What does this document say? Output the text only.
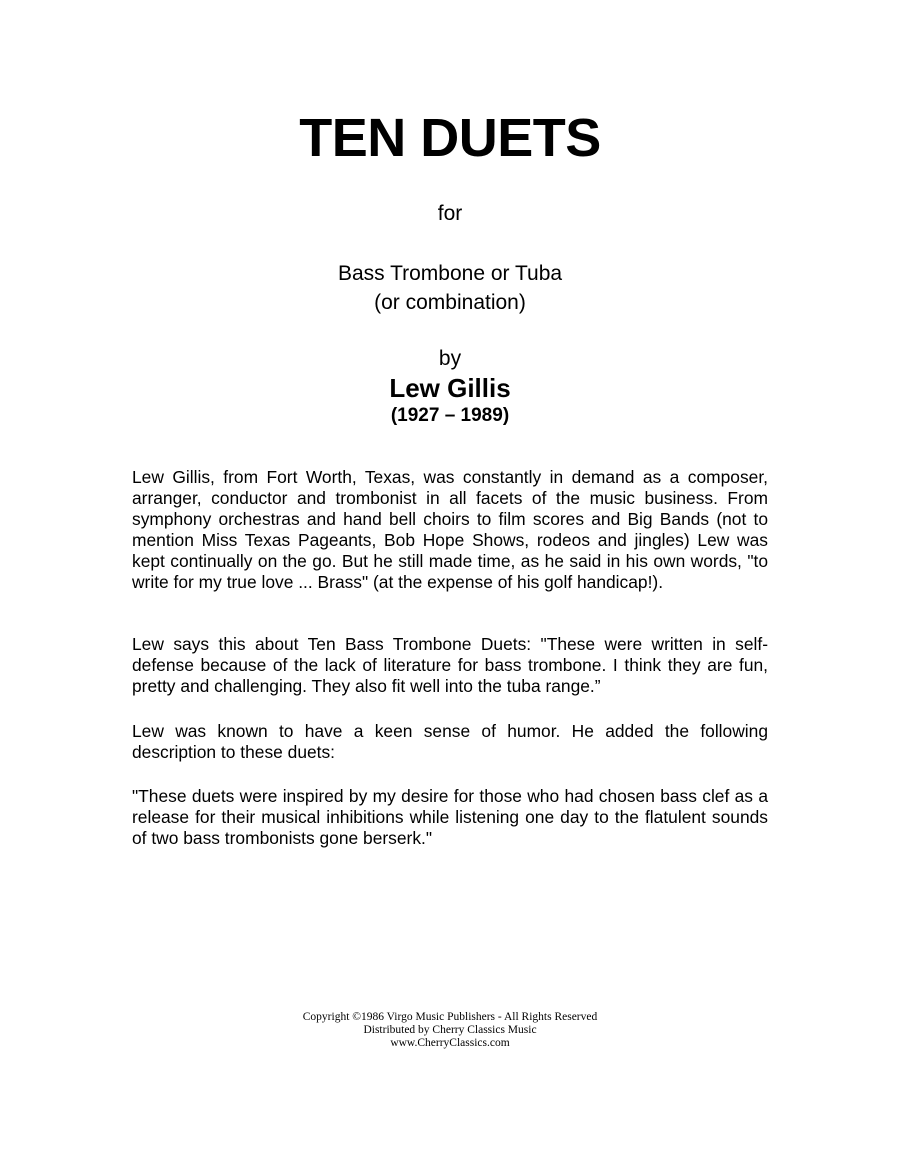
TEN DUETS
for
Bass Trombone or Tuba
(or combination)
by
Lew Gillis
(1927 – 1989)

Lew Gillis, from Fort Worth, Texas, was constantly in demand as a composer, arranger, conductor and trombonist in all facets of the music business. From symphony orchestras and hand bell choirs to film scores and Big Bands (not to mention Miss Texas Pageants, Bob Hope Shows, rodeos and jingles) Lew was kept continually on the go. But he still made time, as he said in his own words, "to write for my true love ... Brass" (at the expense of his golf handicap!).

Lew says this about Ten Bass Trombone Duets: "These were written in self-defense because of the lack of literature for bass trombone. I think they are fun, pretty and challenging. They also fit well into the tuba range.”

Lew was known to have a keen sense of humor. He added the following description to these duets:

"These duets were inspired by my desire for those who had chosen bass clef as a release for their musical inhibitions while listening one day to the flatulent sounds of two bass trombonists gone berserk."

Copyright ©1986 Virgo Music Publishers - All Rights Reserved
Distributed by Cherry Classics Music
www.CherryClassics.com
